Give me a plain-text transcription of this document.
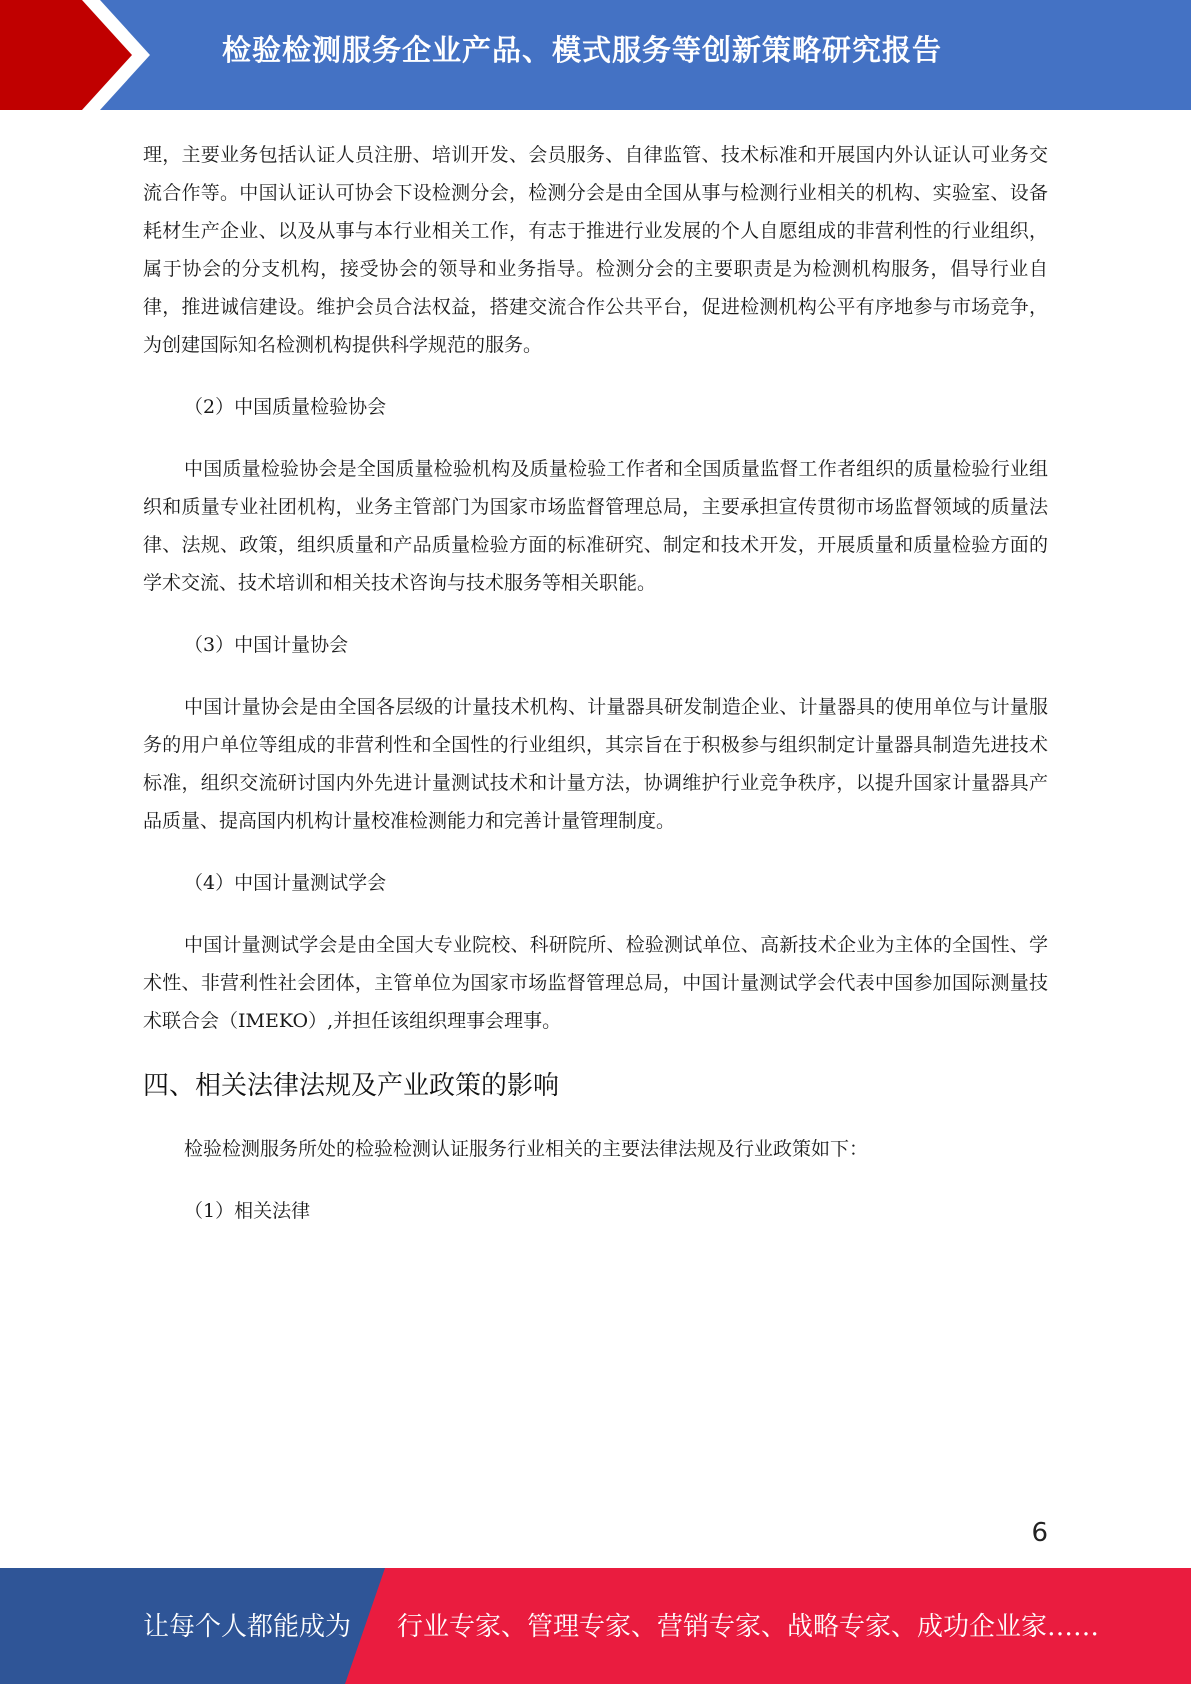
检验检测服务企业产品、模式服务等创新策略研究报告

理，主要业务包括认证人员注册、培训开发、会员服务、自律监管、技术标准和开展国内外认证认可业务交流合作等。中国认证认可协会下设检测分会，检测分会是由全国从事与检测行业相关的机构、实验室、设备耗材生产企业、以及从事与本行业相关工作，有志于推进行业发展的个人自愿组成的非营利性的行业组织，属于协会的分支机构，接受协会的领导和业务指导。检测分会的主要职责是为检测机构服务，倡导行业自律，推进诚信建设。维护会员合法权益，搭建交流合作公共平台，促进检测机构公平有序地参与市场竞争，为创建国际知名检测机构提供科学规范的服务。

（2）中国质量检验协会

中国质量检验协会是全国质量检验机构及质量检验工作者和全国质量监督工作者组织的质量检验行业组织和质量专业社团机构，业务主管部门为国家市场监督管理总局，主要承担宣传贯彻市场监督领域的质量法律、法规、政策，组织质量和产品质量检验方面的标准研究、制定和技术开发，开展质量和质量检验方面的学术交流、技术培训和相关技术咨询与技术服务等相关职能。

（3）中国计量协会

中国计量协会是由全国各层级的计量技术机构、计量器具研发制造企业、计量器具的使用单位与计量服务的用户单位等组成的非营利性和全国性的行业组织，其宗旨在于积极参与组织制定计量器具制造先进技术标准，组织交流研讨国内外先进计量测试技术和计量方法，协调维护行业竞争秩序，以提升国家计量器具产品质量、提高国内机构计量校准检测能力和完善计量管理制度。

（4）中国计量测试学会

中国计量测试学会是由全国大专业院校、科研院所、检验测试单位、高新技术企业为主体的全国性、学术性、非营利性社会团体，主管单位为国家市场监督管理总局，中国计量测试学会代表中国参加国际测量技术联合会（IMEKO）,并担任该组织理事会理事。

四、相关法律法规及产业政策的影响

检验检测服务所处的检验检测认证服务行业相关的主要法律法规及行业政策如下：

（1）相关法律

6
让每个人都能成为 行业专家、管理专家、营销专家、战略专家、成功企业家……
